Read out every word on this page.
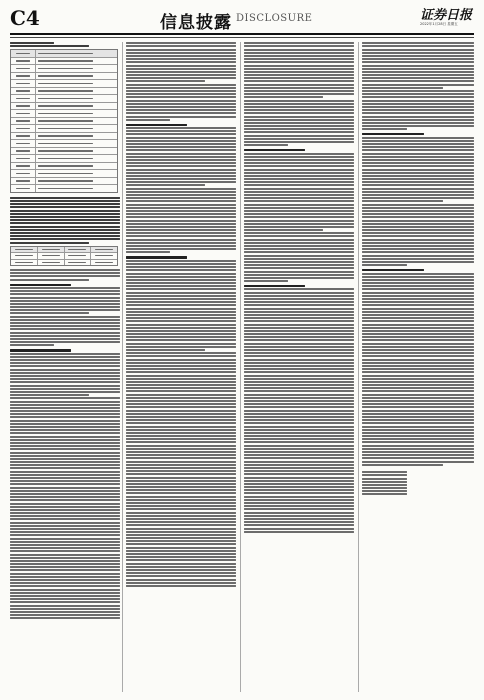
C4	信息披露 DISCLOSURE	证券日报
2022年1月28日 星期五
